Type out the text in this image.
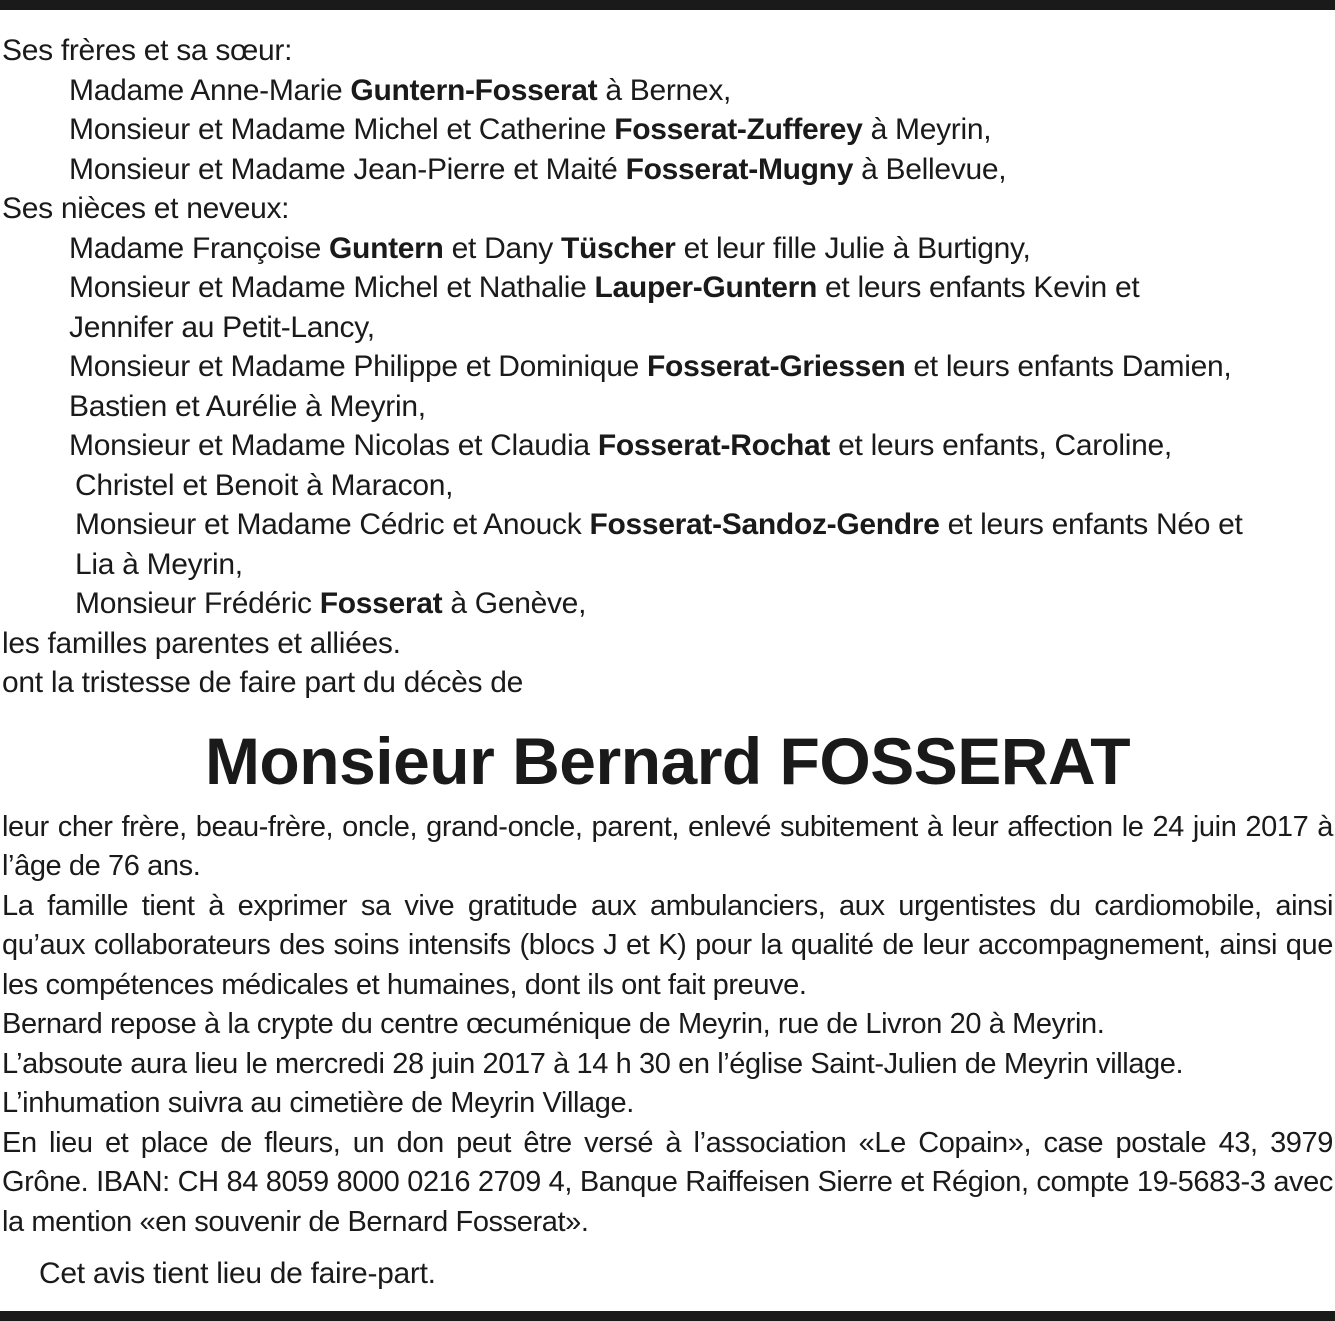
Ses frères et sa sœur:
Madame Anne-Marie Guntern-Fosserat à Bernex,
Monsieur et Madame Michel et Catherine Fosserat-Zufferey à Meyrin,
Monsieur et Madame Jean-Pierre et Maité Fosserat-Mugny à Bellevue,
Ses nièces et neveux:
Madame Françoise Guntern et Dany Tüscher et leur fille Julie à Burtigny,
Monsieur et Madame Michel et Nathalie Lauper-Guntern et leurs enfants Kevin et
Jennifer au Petit-Lancy,
Monsieur et Madame Philippe et Dominique Fosserat-Griessen et leurs enfants Damien,
Bastien et Aurélie à Meyrin,
Monsieur et Madame Nicolas et Claudia Fosserat-Rochat et leurs enfants, Caroline,
Christel et Benoit à Maracon,
Monsieur et Madame Cédric et Anouck Fosserat-Sandoz-Gendre et leurs enfants Néo et
Lia à Meyrin,
Monsieur Frédéric Fosserat à Genève,
les familles parentes et alliées.
ont la tristesse de faire part du décès de
Monsieur Bernard FOSSERAT
leur cher frère, beau-frère, oncle, grand-oncle, parent, enlevé subitement à leur affection le 24 juin 2017 à l’âge de 76 ans.
La famille tient à exprimer sa vive gratitude aux ambulanciers, aux urgentistes du cardiomobile, ainsi qu’aux collaborateurs des soins intensifs (blocs J et K) pour la qualité de leur accompagnement, ainsi que les compétences médicales et humaines, dont ils ont fait preuve.
Bernard repose à la crypte du centre œcuménique de Meyrin, rue de Livron 20 à Meyrin.
L’absoute aura lieu le mercredi 28 juin 2017 à 14 h 30 en l’église Saint-Julien de Meyrin village.
L’inhumation suivra au cimetière de Meyrin Village.
En lieu et place de fleurs, un don peut être versé à l’association «Le Copain», case postale 43, 3979 Grône. IBAN: CH 84 8059 8000 0216 2709 4, Banque Raiffeisen Sierre et Région, compte 19-5683-3 avec la mention «en souvenir de Bernard Fosserat».
Cet avis tient lieu de faire-part.
